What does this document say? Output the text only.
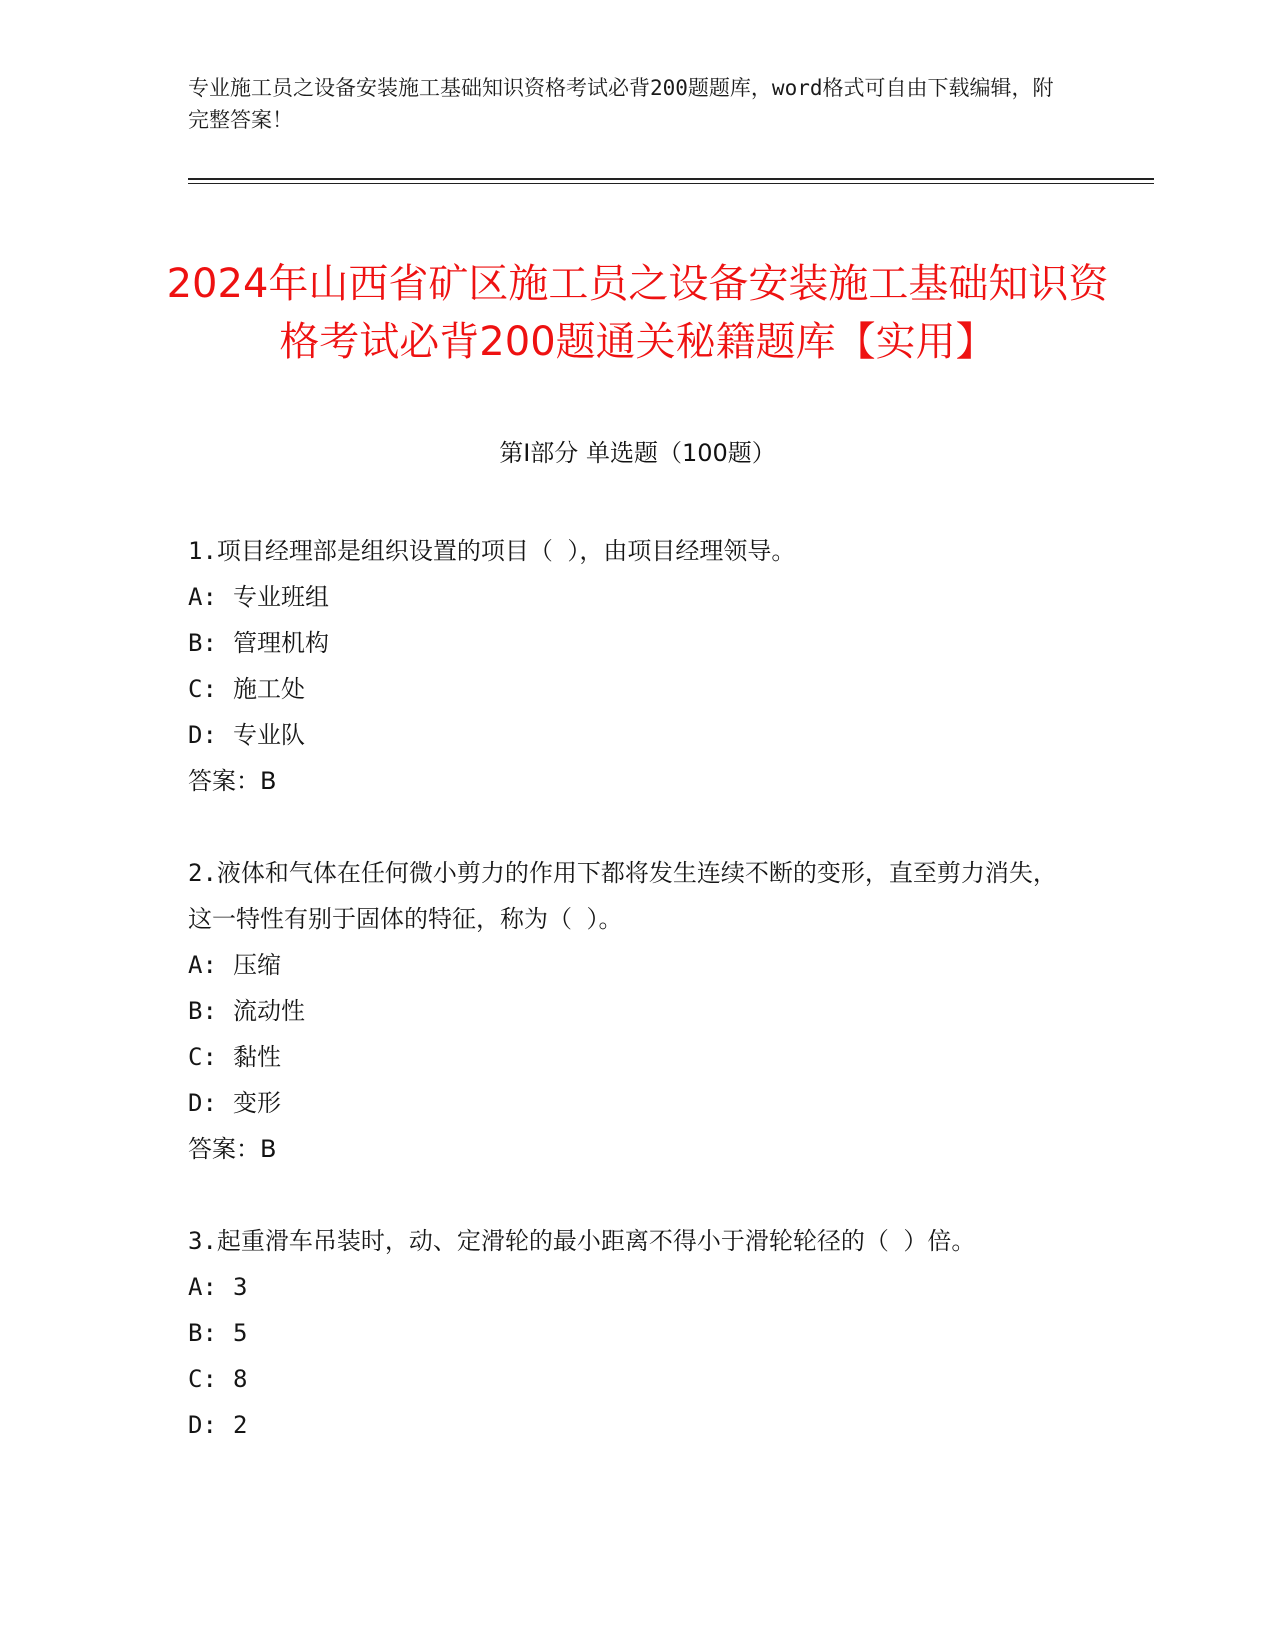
专业施工员之设备安装施工基础知识资格考试必背200题题库，word格式可自由下载编辑，附完整答案！
2024年山西省矿区施工员之设备安装施工基础知识资格考试必背200题通关秘籍题库【实用】
第Ⅰ部分 单选题（100题）

1.项目经理部是组织设置的项目（ ），由项目经理领导。

A: 专业班组
B: 管理机构
C: 施工处
D: 专业队
答案：B

2.液体和气体在任何微小剪力的作用下都将发生连续不断的变形，直至剪力消失，这一特性有别于固体的特征，称为（ ）。

A: 压缩
B: 流动性
C: 黏性
D: 变形
答案：B

3.起重滑车吊装时，动、定滑轮的最小距离不得小于滑轮轮径的（ ）倍。

A: 3
B: 5
C: 8
D: 2
